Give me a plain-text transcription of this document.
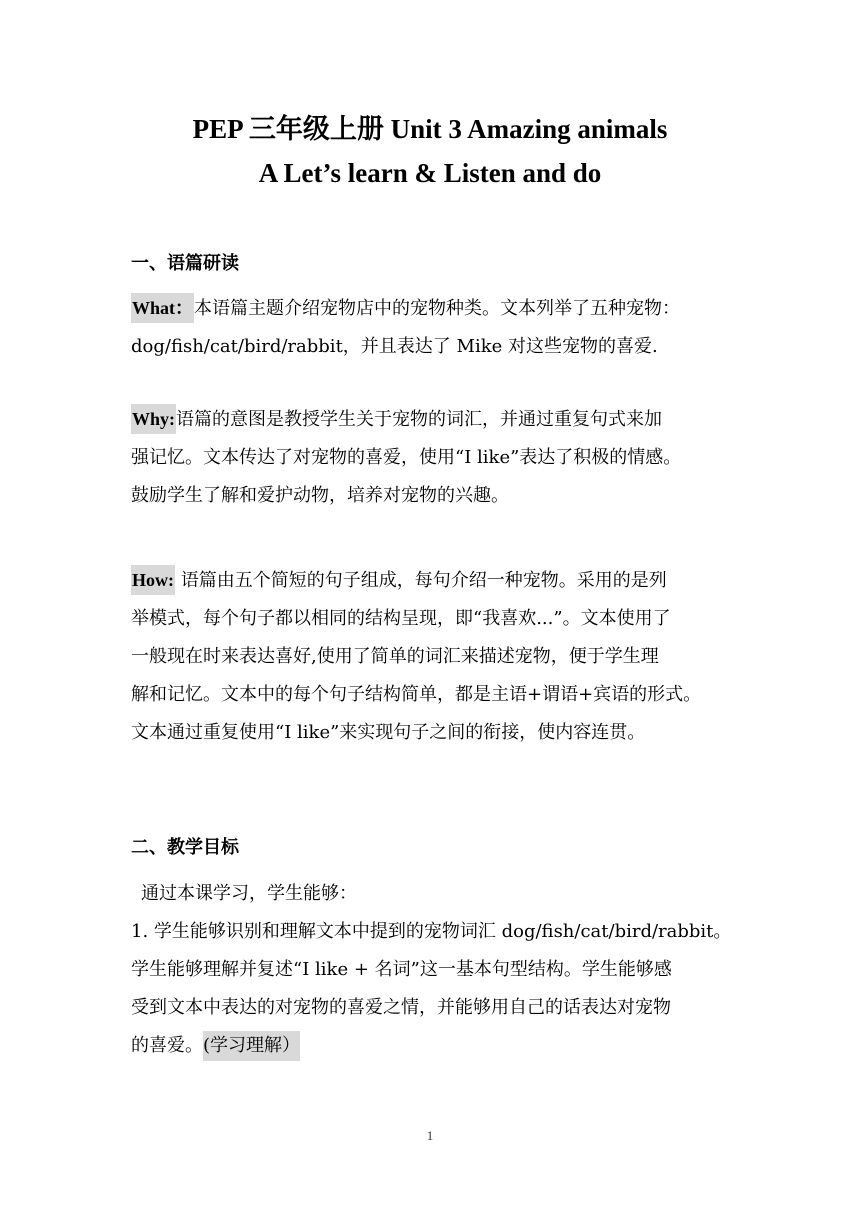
PEP 三年级上册 Unit 3 Amazing animals
A Let’s learn & Listen and do
一、语篇研读
What：本语篇主题介绍宠物店中的宠物种类。文本列举了五种宠物：
dog/fish/cat/bird/rabbit，并且表达了 Mike 对这些宠物的喜爱.
Why:语篇的意图是教授学生关于宠物的词汇，并通过重复句式来加
强记忆。文本传达了对宠物的喜爱，使用“I like”表达了积极的情感。
鼓励学生了解和爱护动物，培养对宠物的兴趣。
How: 语篇由五个简短的句子组成，每句介绍一种宠物。采用的是列
举模式，每个句子都以相同的结构呈现，即“我喜欢...”。文本使用了
一般现在时来表达喜好,使用了简单的词汇来描述宠物，便于学生理
解和记忆。文本中的每个句子结构简单，都是主语+谓语+宾语的形式。
文本通过重复使用“I like”来实现句子之间的衔接，使内容连贯。
二、教学目标
通过本课学习，学生能够：
1. 学生能够识别和理解文本中提到的宠物词汇 dog/fish/cat/bird/rabbit。
学生能够理解并复述“I like + 名词”这一基本句型结构。学生能够感
受到文本中表达的对宠物的喜爱之情，并能够用自己的话表达对宠物
的喜爱。(学习理解）
1
